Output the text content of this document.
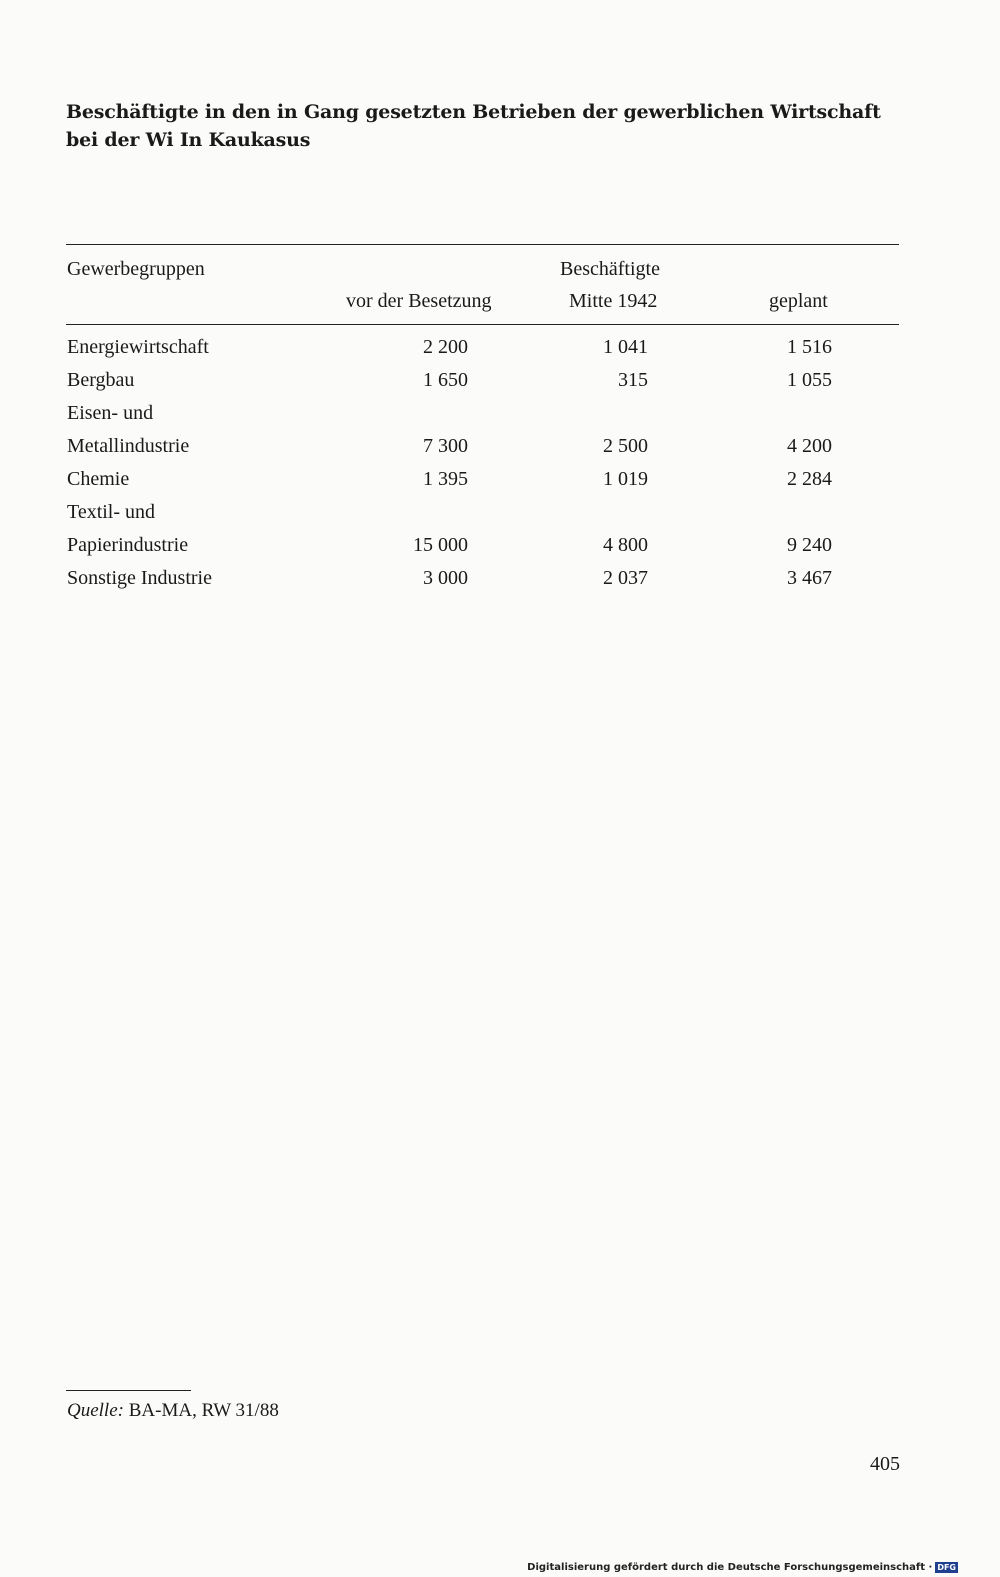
Beschäftigte in den in Gang gesetzten Betrieben der gewerblichen Wirtschaft bei der Wi In Kaukasus
Gewerbegruppen	Beschäftigte
vor der Besetzung	Mitte 1942	geplant
Energiewirtschaft	2 200	1 041	1 516
Bergbau	1 650	315	1 055
Eisen- und
Metallindustrie	7 300	2 500	4 200
Chemie	1 395	1 019	2 284
Textil- und
Papierindustrie	15 000	4 800	9 240
Sonstige Industrie	3 000	2 037	3 467
Quelle: BA-MA, RW 31/88
405
Digitalisierung gefördert durch die Deutsche Forschungsgemeinschaft · DFG
